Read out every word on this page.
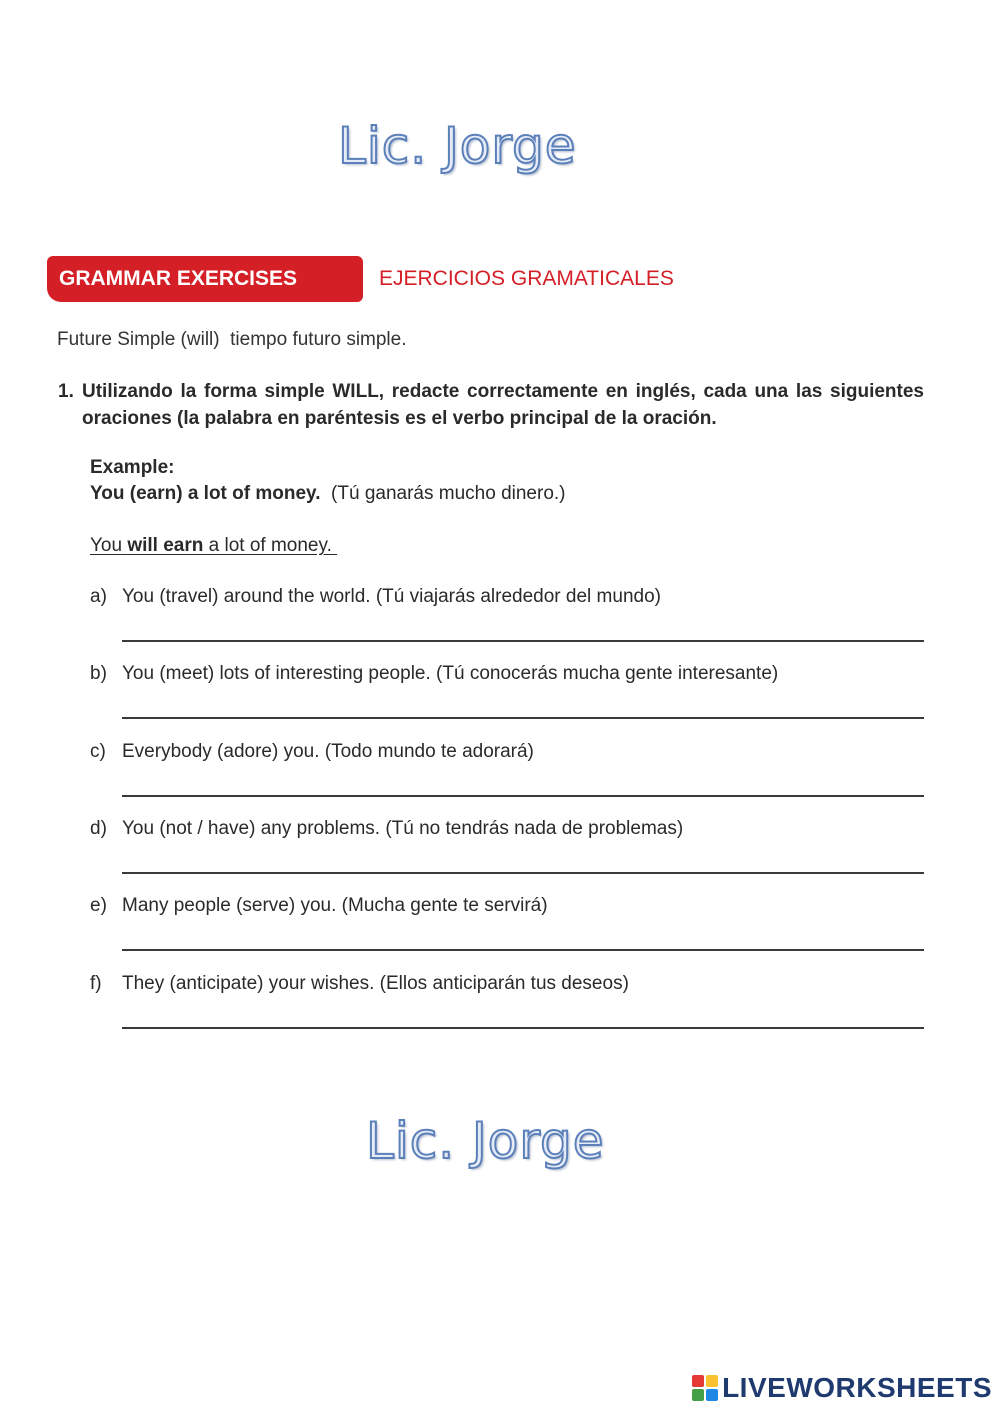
Lic. Jorge
GRAMMAR EXERCISES	EJERCICIOS GRAMATICALES
Future Simple (will)  tiempo futuro simple.
1. Utilizando la forma simple WILL, redacte correctamente en inglés, cada una las siguientes oraciones (la palabra en paréntesis es el verbo principal de la oración.

Example:
You (earn) a lot of money. (Tú ganarás mucho dinero.)
You will earn a lot of money.
a) You (travel) around the world. (Tú viajarás alrededor del mundo)
b) You (meet) lots of interesting people. (Tú conocerás mucha gente interesante)
c) Everybody (adore) you. (Todo mundo te adorará)
d) You (not / have) any problems. (Tú no tendrás nada de problemas)
e) Many people (serve) you. (Mucha gente te servirá)
f) They (anticipate) your wishes. (Ellos anticiparán tus deseos)
Lic. Jorge
LIVEWORKSHEETS
